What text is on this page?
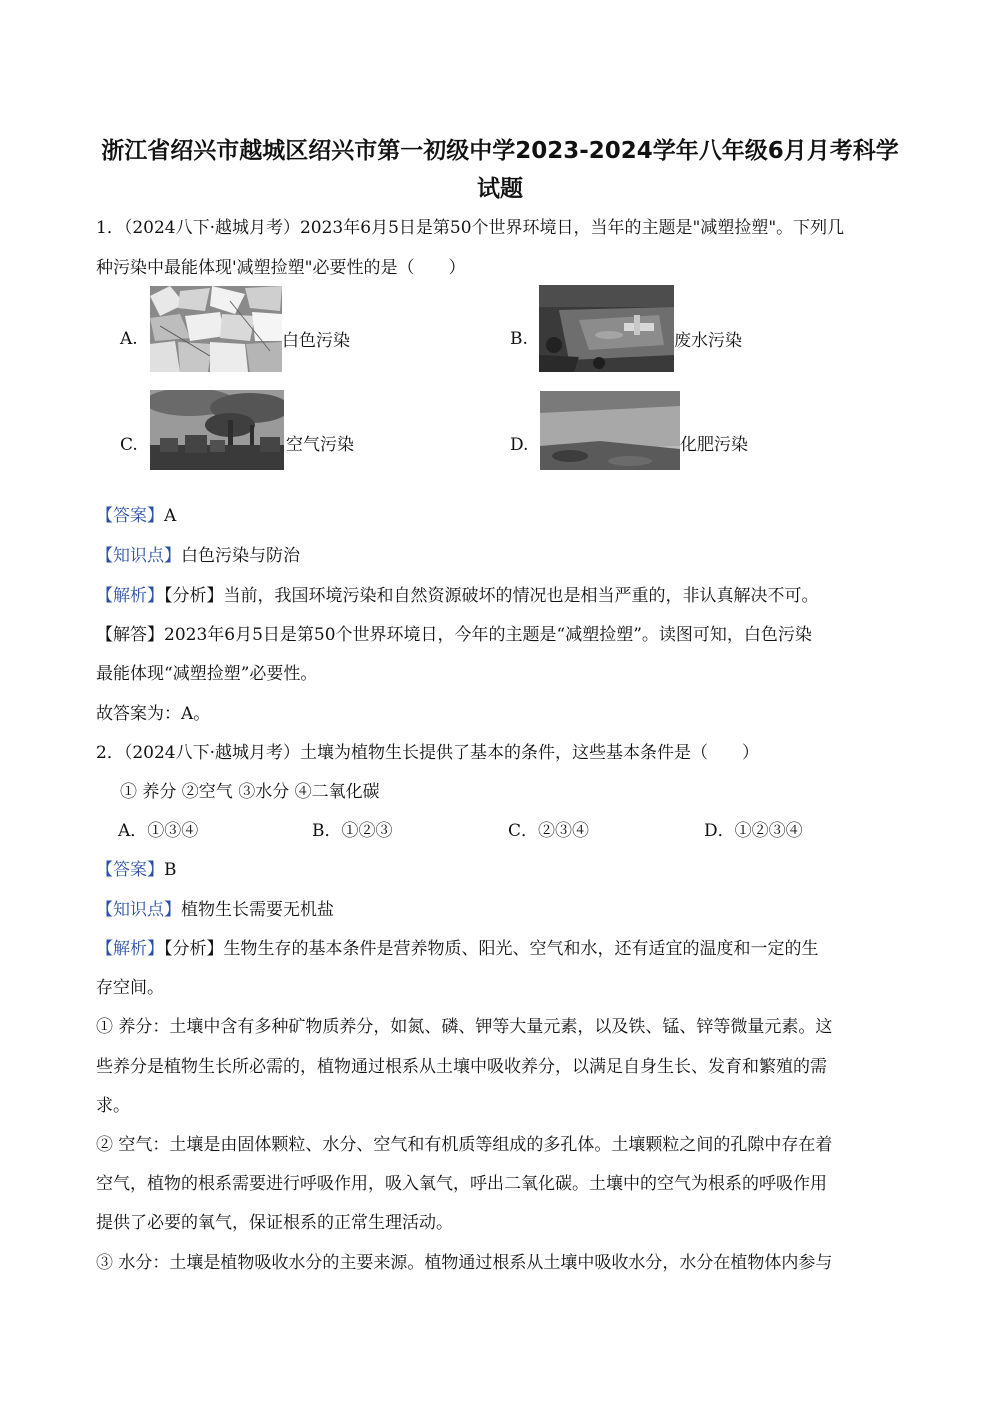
浙江省绍兴市越城区绍兴市第一初级中学2023-2024学年八年级6月月考科学
试题
1．（2024八下·越城月考）2023年6月5日是第50个世界环境日，当年的主题是"减塑捡塑"。下列几
种污染中最能体现'减塑捡塑"必要性的是（　　）
A.	白色污染	B.	废水污染
C.	空气污染	D.	化肥污染
【答案】A
【知识点】白色污染与防治
【解析】【分析】当前，我国环境污染和自然资源破坏的情况也是相当严重的，非认真解决不可。
【解答】2023年6月5日是第50个世界环境日，今年的主题是“减塑捡塑”。读图可知，白色污染
最能体现“减塑捡塑”必要性。
故答案为：A。
2．（2024八下·越城月考）土壤为植物生长提供了基本的条件，这些基本条件是（　　）
① 养分 ②空气 ③水分 ④二氧化碳
A．①③④	B．①②③	C．②③④	D．①②③④
【答案】B
【知识点】植物生长需要无机盐
【解析】【分析】生物生存的基本条件是营养物质、阳光、空气和水，还有适宜的温度和一定的生
存空间。
① 养分：土壤中含有多种矿物质养分，如氮、磷、钾等大量元素，以及铁、锰、锌等微量元素。这
些养分是植物生长所必需的，植物通过根系从土壤中吸收养分，以满足自身生长、发育和繁殖的需
求。
② 空气：土壤是由固体颗粒、水分、空气和有机质等组成的多孔体。土壤颗粒之间的孔隙中存在着
空气，植物的根系需要进行呼吸作用，吸入氧气，呼出二氧化碳。土壤中的空气为根系的呼吸作用
提供了必要的氧气，保证根系的正常生理活动。
③ 水分：土壤是植物吸收水分的主要来源。植物通过根系从土壤中吸收水分，水分在植物体内参与
